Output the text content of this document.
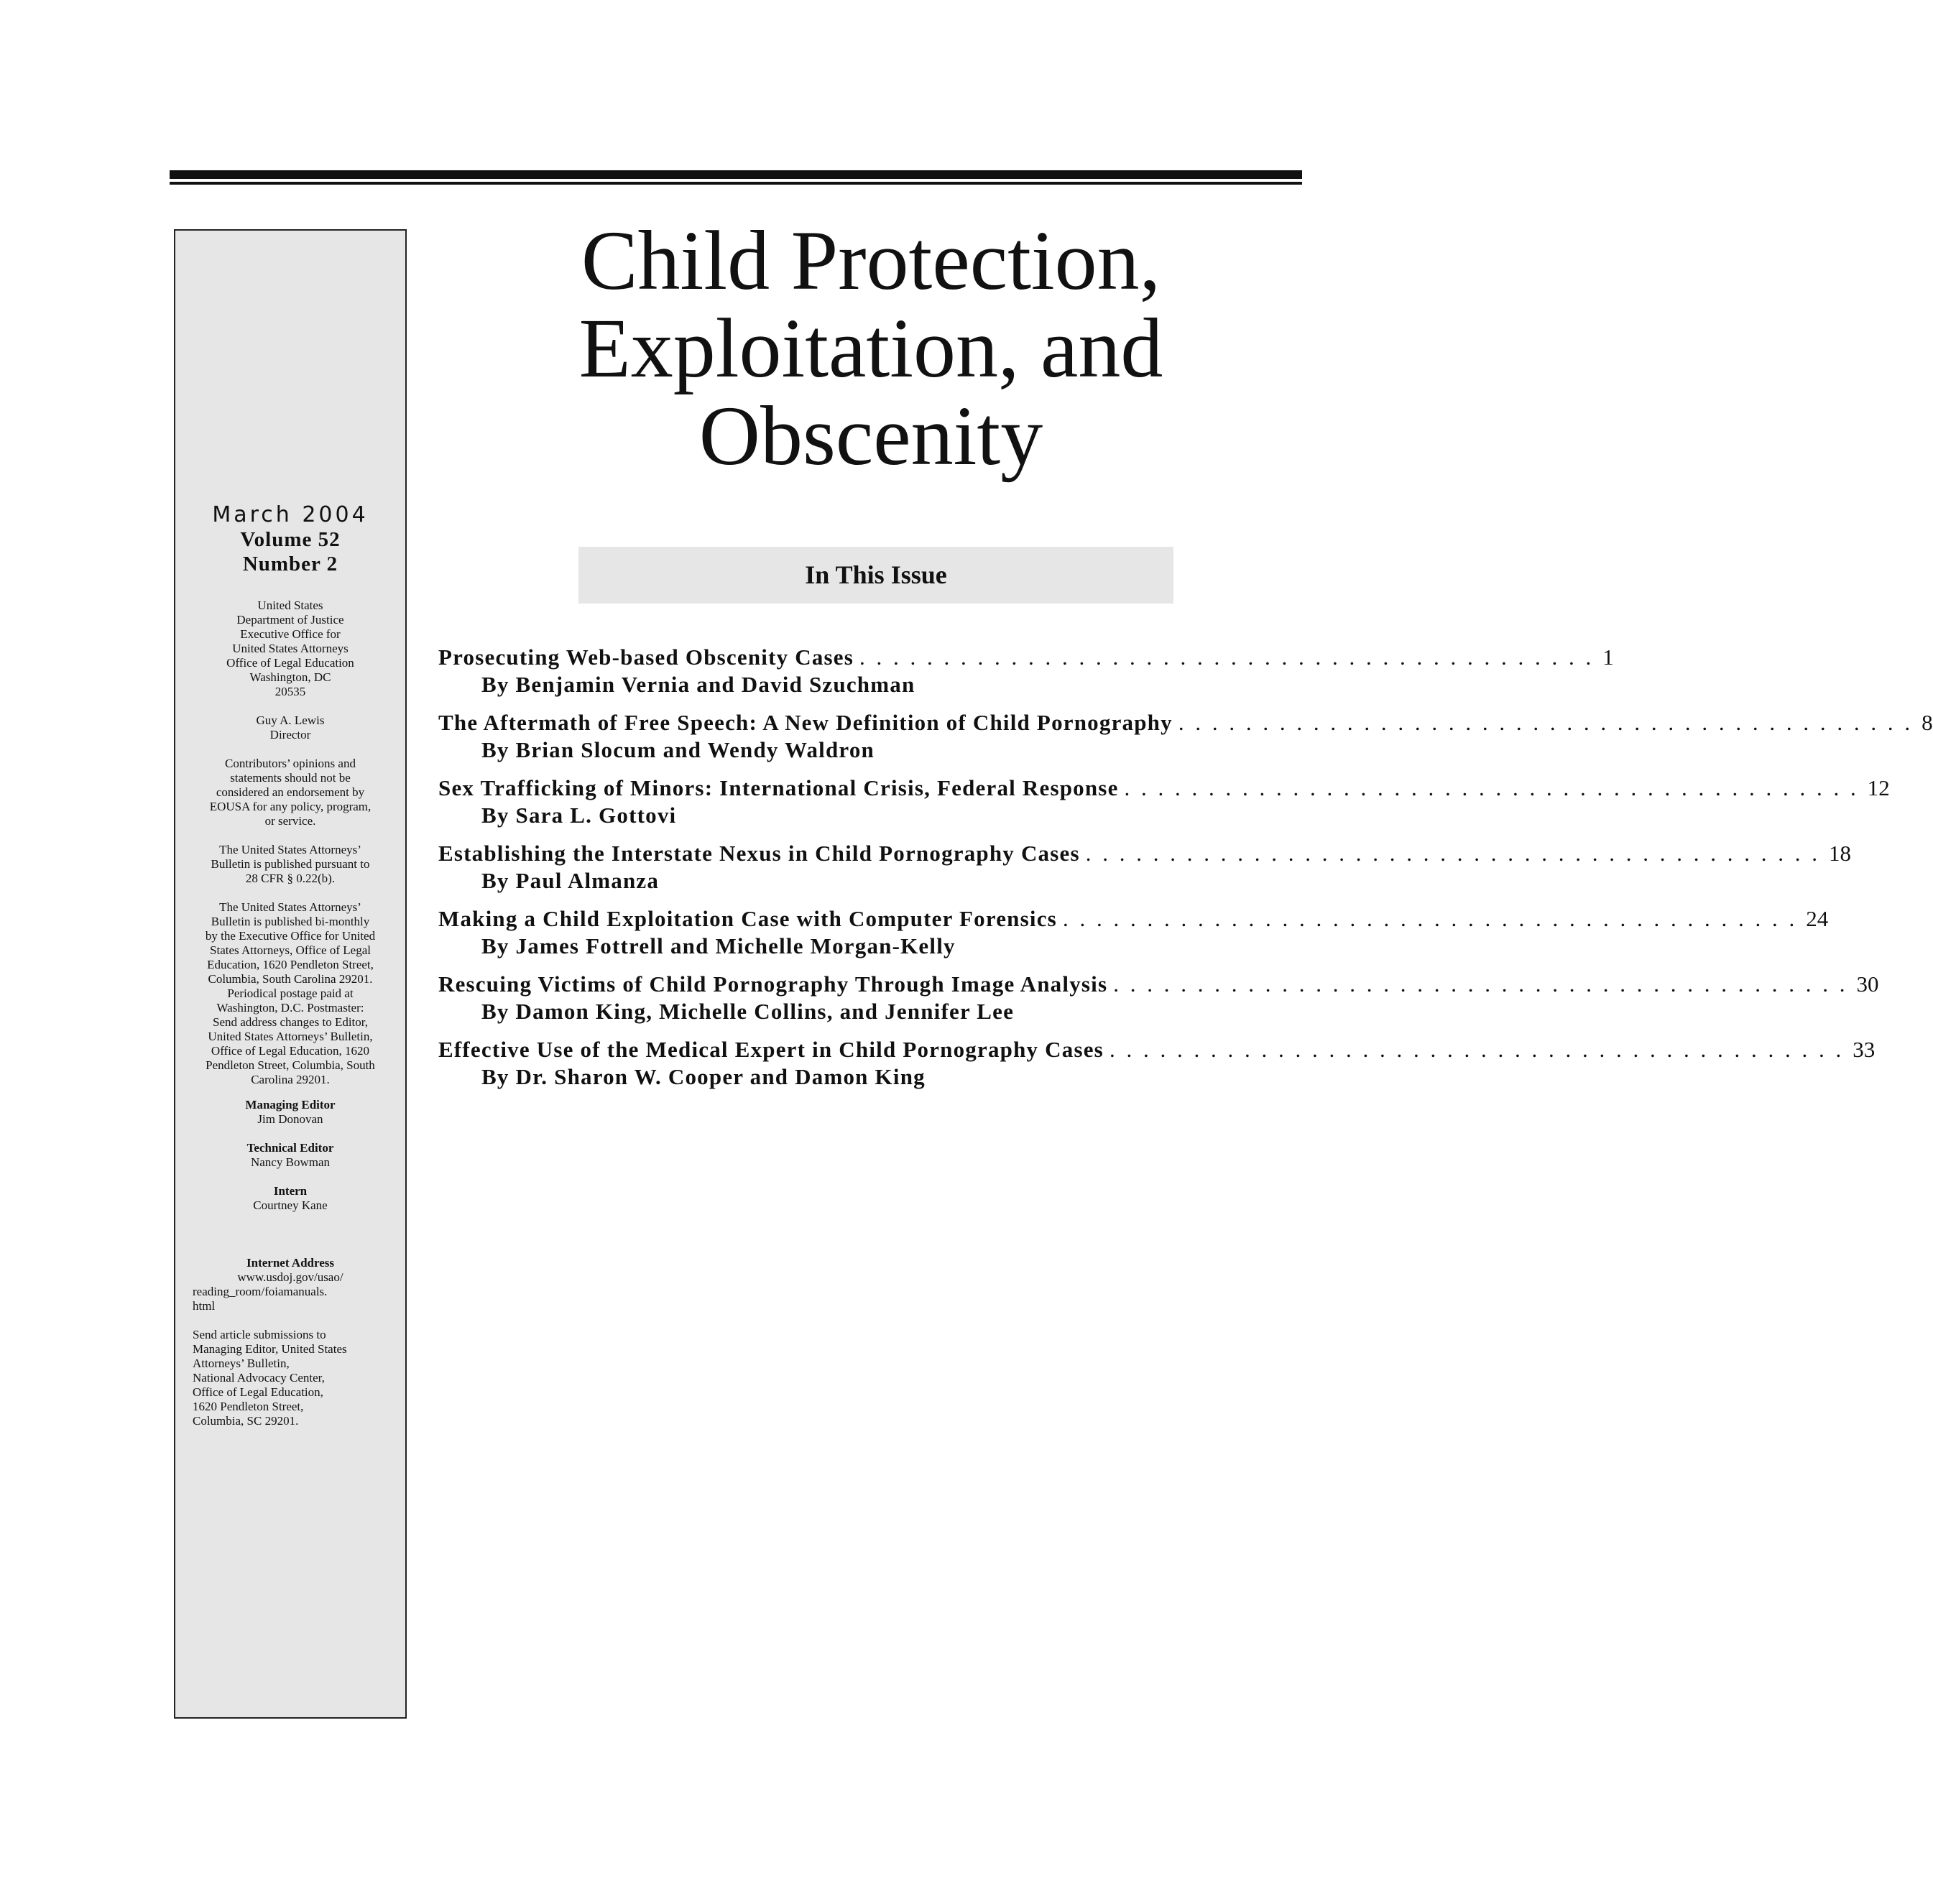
March 2004
Volume 52
Number 2
United States
Department of Justice
Executive Office for
United States Attorneys
Office of Legal Education
Washington, DC
20535
Guy A. Lewis
Director
Contributors’ opinions and
statements should not be
considered an endorsement by
EOUSA for any policy, program,
or service.
The United States Attorneys’
Bulletin is published pursuant to
28 CFR § 0.22(b).
The United States Attorneys’
Bulletin is published bi-monthly
by the Executive Office for United
States Attorneys, Office of Legal
Education, 1620 Pendleton Street,
Columbia, South Carolina 29201.
Periodical postage paid at
Washington, D.C. Postmaster:
Send address changes to Editor,
United States Attorneys’ Bulletin,
Office of Legal Education, 1620
Pendleton Street, Columbia, South
Carolina 29201.
Managing Editor
Jim Donovan
Technical Editor
Nancy Bowman
Intern
Courtney Kane
Internet Address
www.usdoj.gov/usao/
reading_room/foiamanuals.
html
Send article submissions to
Managing Editor, United States
Attorneys’ Bulletin,
National Advocacy Center,
Office of Legal Education,
1620 Pendleton Street,
Columbia, SC 29201.
Child Protection,
Exploitation, and
Obscenity
In This Issue
Prosecuting Web-based Obscenity Cases . . . . . . . . . . . . . . . . . . . . . . . . . . . . . . . . . . . . . . . . . . . . 1
By Benjamin Vernia and David Szuchman
The Aftermath of Free Speech: A New Definition of Child Pornography . . . . . . . . . . . . . . . . . . . . . . . . . . . . . . . . . . . . . . . . . . . . 8
By Brian Slocum and Wendy Waldron
Sex Trafficking of Minors: International Crisis, Federal Response . . . . . . . . . . . . . . . . . . . . . . . . . . . . . . . . . . . . . . . . . . . . 12
By Sara L. Gottovi
Establishing the Interstate Nexus in Child Pornography Cases . . . . . . . . . . . . . . . . . . . . . . . . . . . . . . . . . . . . . . . . . . . . 18
By Paul Almanza
Making a Child Exploitation Case with Computer Forensics . . . . . . . . . . . . . . . . . . . . . . . . . . . . . . . . . . . . . . . . . . . . 24
By James Fottrell and Michelle Morgan-Kelly
Rescuing Victims of Child Pornography Through Image Analysis . . . . . . . . . . . . . . . . . . . . . . . . . . . . . . . . . . . . . . . . . . . . 30
By Damon King, Michelle Collins, and Jennifer Lee
Effective Use of the Medical Expert in Child Pornography Cases . . . . . . . . . . . . . . . . . . . . . . . . . . . . . . . . . . . . . . . . . . . . 33
By Dr. Sharon W. Cooper and Damon King
